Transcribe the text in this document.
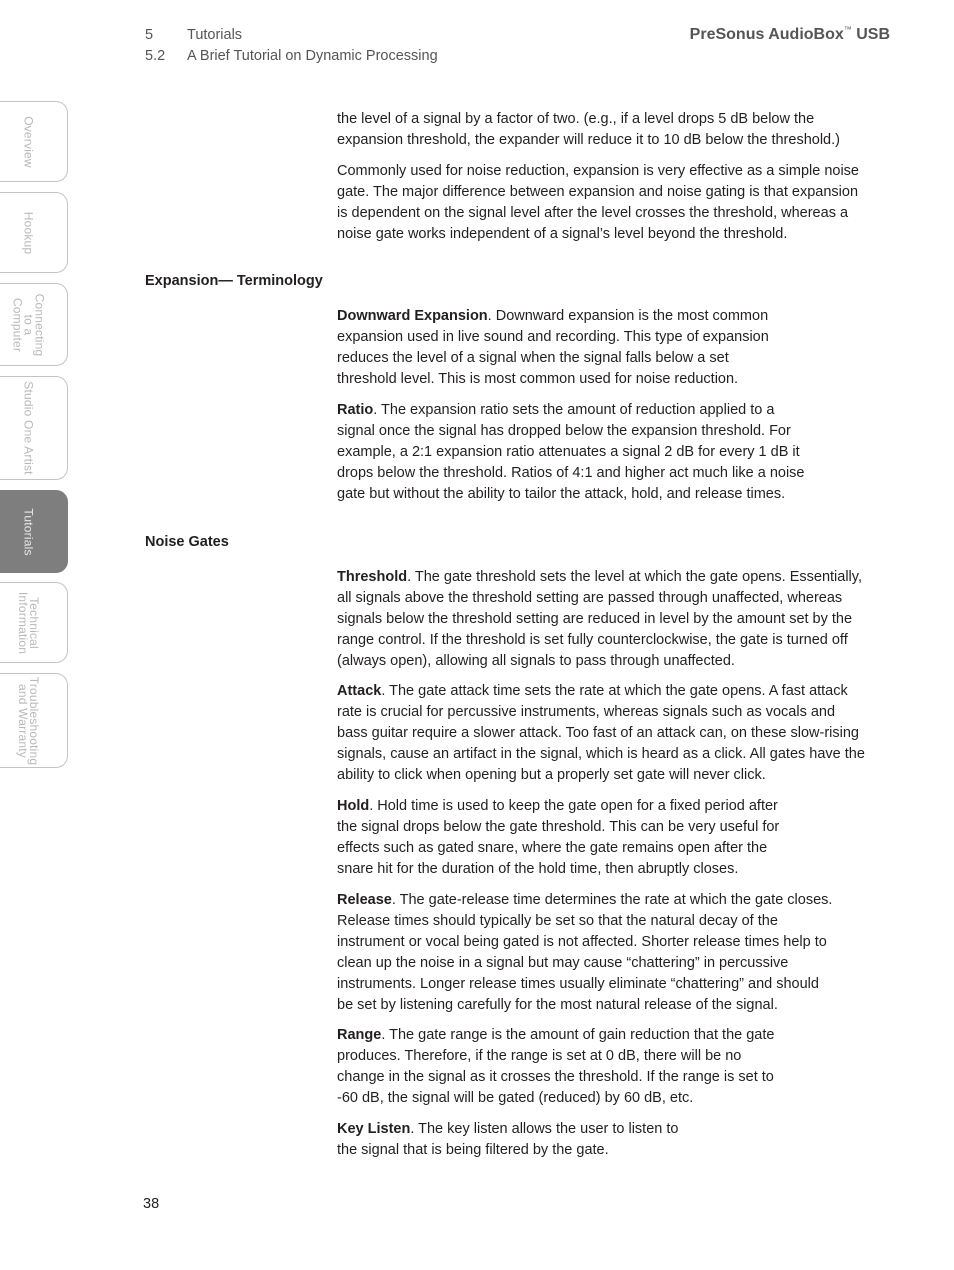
5 Tutorials
5.2 A Brief Tutorial on Dynamic Processing
PreSonus AudioBox™ USB
Overview
Hookup
Connecting
to a
Computer
Studio One Artist
Tutorials
Technical
Information
Troubleshooting
and Warranty

the level of a signal by a factor of two. (e.g., if a level drops 5 dB below the expansion threshold, the expander will reduce it to 10 dB below the threshold.)

Commonly used for noise reduction, expansion is very effective as a simple noise gate. The major difference between expansion and noise gating is that expansion is dependent on the signal level after the level crosses the threshold, whereas a noise gate works independent of a signal’s level beyond the threshold.

Expansion— Terminology

Downward Expansion. Downward expansion is the most common expansion used in live sound and recording. This type of expansion reduces the level of a signal when the signal falls below a set threshold level. This is most common used for noise reduction.

Ratio. The expansion ratio sets the amount of reduction applied to a signal once the signal has dropped below the expansion threshold. For example, a 2:1 expansion ratio attenuates a signal 2 dB for every 1 dB it drops below the threshold. Ratios of 4:1 and higher act much like a noise gate but without the ability to tailor the attack, hold, and release times.

Noise Gates

Threshold. The gate threshold sets the level at which the gate opens. Essentially, all signals above the threshold setting are passed through unaffected, whereas signals below the threshold setting are reduced in level by the amount set by the range control. If the threshold is set fully counterclockwise, the gate is turned off (always open), allowing all signals to pass through unaffected.

Attack. The gate attack time sets the rate at which the gate opens. A fast attack rate is crucial for percussive instruments, whereas signals such as vocals and bass guitar require a slower attack. Too fast of an attack can, on these slow-rising signals, cause an artifact in the signal, which is heard as a click. All gates have the ability to click when opening but a properly set gate will never click.

Hold. Hold time is used to keep the gate open for a fixed period after the signal drops below the gate threshold. This can be very useful for effects such as gated snare, where the gate remains open after the snare hit for the duration of the hold time, then abruptly closes.

Release. The gate-release time determines the rate at which the gate closes. Release times should typically be set so that the natural decay of the instrument or vocal being gated is not affected. Shorter release times help to clean up the noise in a signal but may cause “chattering” in percussive instruments. Longer release times usually eliminate “chattering” and should be set by listening carefully for the most natural release of the signal.

Range. The gate range is the amount of gain reduction that the gate produces. Therefore, if the range is set at 0 dB, there will be no change in the signal as it crosses the threshold. If the range is set to -60 dB, the signal will be gated (reduced) by 60 dB, etc.

Key Listen. The key listen allows the user to listen to the signal that is being filtered by the gate.

38
